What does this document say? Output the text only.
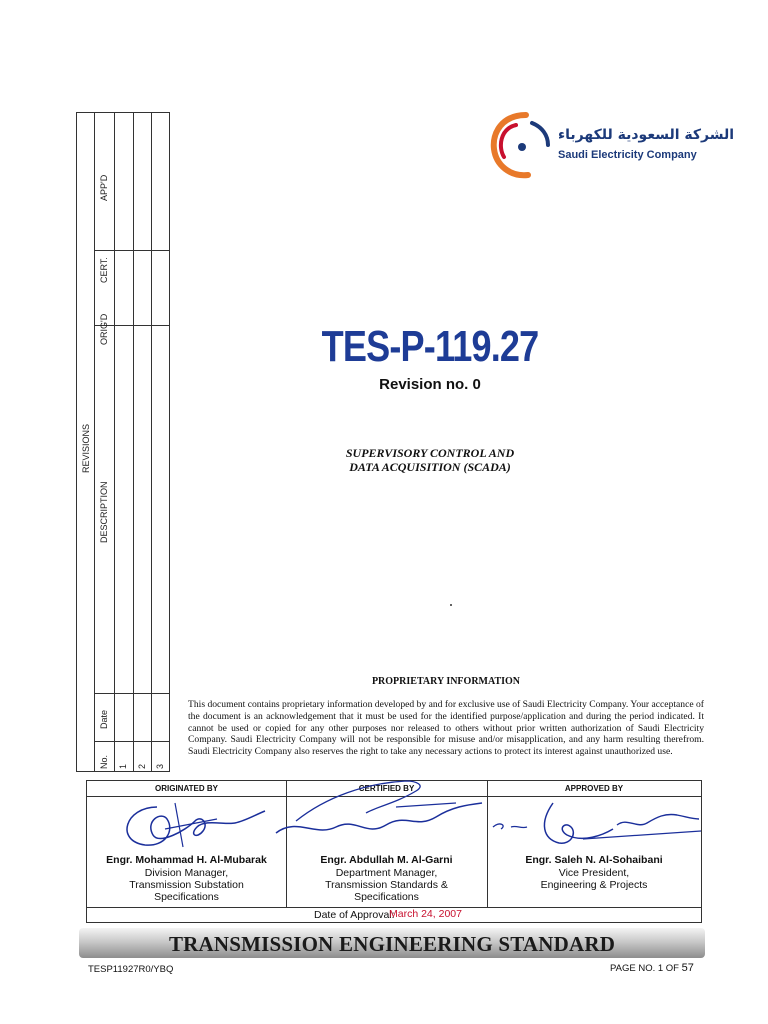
REVISIONS
APP'D
CERT.
ORIG'D
DESCRIPTION
Date
No. 1 2 3
الشركة السعودية للكهرباء
Saudi Electricity Company
TES-P-119.27
Revision no. 0
SUPERVISORY CONTROL AND
DATA ACQUISITION (SCADA)
PROPRIETARY INFORMATION
This document contains proprietary information developed by and for exclusive use of Saudi Electricity Company. Your acceptance of the document is an acknowledgement that it must be used for the identified purpose/application and during the period indicated. It cannot be used or copied for any other purposes nor released to others without prior written authorization of Saudi Electricity Company. Saudi Electricity Company will not be responsible for misuse and/or misapplication, and any harm resulting therefrom. Saudi Electricity Company also reserves the right to take any necessary actions to protect its interest against unauthorized use.
ORIGINATED BY
Engr. Mohammad H. Al-Mubarak
Division Manager,
Transmission Substation
Specifications
CERTIFIED BY
Engr. Abdullah M. Al-Garni
Department Manager,
Transmission Standards &
Specifications
APPROVED BY
Engr. Saleh N. Al-Sohaibani
Vice President,
Engineering & Projects
Date of Approval:
March 24, 2007
TRANSMISSION ENGINEERING STANDARD
TESP11927R0/YBQ	PAGE NO. 1 OF 57
